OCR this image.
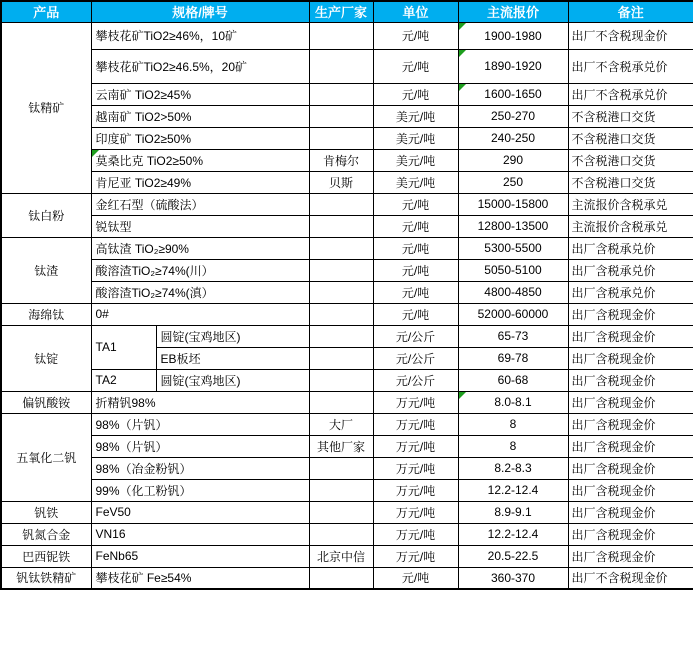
产品	规格/牌号		生产厂家	单位	主流报价	备注
钛精矿	攀枝花矿TiO2≥46%，10矿			元/吨	1900-1980	出厂不含税现金价
	攀枝花矿TiO2≥46.5%，20矿			元/吨	1890-1920	出厂不含税承兑价
	云南矿 TiO2≥45%			元/吨	1600-1650	出厂不含税承兑价
	越南矿 TiO2>50%			美元/吨	250-270	不含税港口交货
	印度矿 TiO2≥50%			美元/吨	240-250	不含税港口交货
	莫桑比克 TiO2≥50%		肯梅尔	美元/吨	290	不含税港口交货
	肯尼亚 TiO2≥49%		贝斯	美元/吨	250	不含税港口交货
钛白粉	金红石型（硫酸法）			元/吨	15000-15800	主流报价含税承兑
	锐钛型			元/吨	12800-13500	主流报价含税承兑
钛渣	高钛渣 TiO₂≥90%			元/吨	5300-5500	出厂含税承兑价
	酸溶渣TiO₂≥74%(川）			元/吨	5050-5100	出厂含税承兑价
	酸溶渣TiO₂≥74%(滇）			元/吨	4800-4850	出厂含税承兑价
海绵钛	0#			元/吨	52000-60000	出厂含税现金价
钛锭	TA1	圆锭(宝鸡地区)		元/公斤	65-73	出厂含税现金价
		EB板坯		元/公斤	69-78	出厂含税现金价
	TA2	圆锭(宝鸡地区)		元/公斤	60-68	出厂含税现金价
偏钒酸铵	折精钒98%			万元/吨	8.0-8.1	出厂含税现金价
五氧化二钒	98%（片钒）		大厂	万元/吨	8	出厂含税现金价
	98%（片钒）		其他厂家	万元/吨	8	出厂含税现金价
	98%（冶金粉钒）			万元/吨	8.2-8.3	出厂含税现金价
	99%（化工粉钒）			万元/吨	12.2-12.4	出厂含税现金价
钒铁	FeV50			万元/吨	8.9-9.1	出厂含税现金价
钒氮合金	VN16			万元/吨	12.2-12.4	出厂含税现金价
巴西铌铁	FeNb65		北京中信	万元/吨	20.5-22.5	出厂含税现金价
钒钛铁精矿	攀枝花矿 Fe≥54%			元/吨	360-370	出厂不含税现金价
